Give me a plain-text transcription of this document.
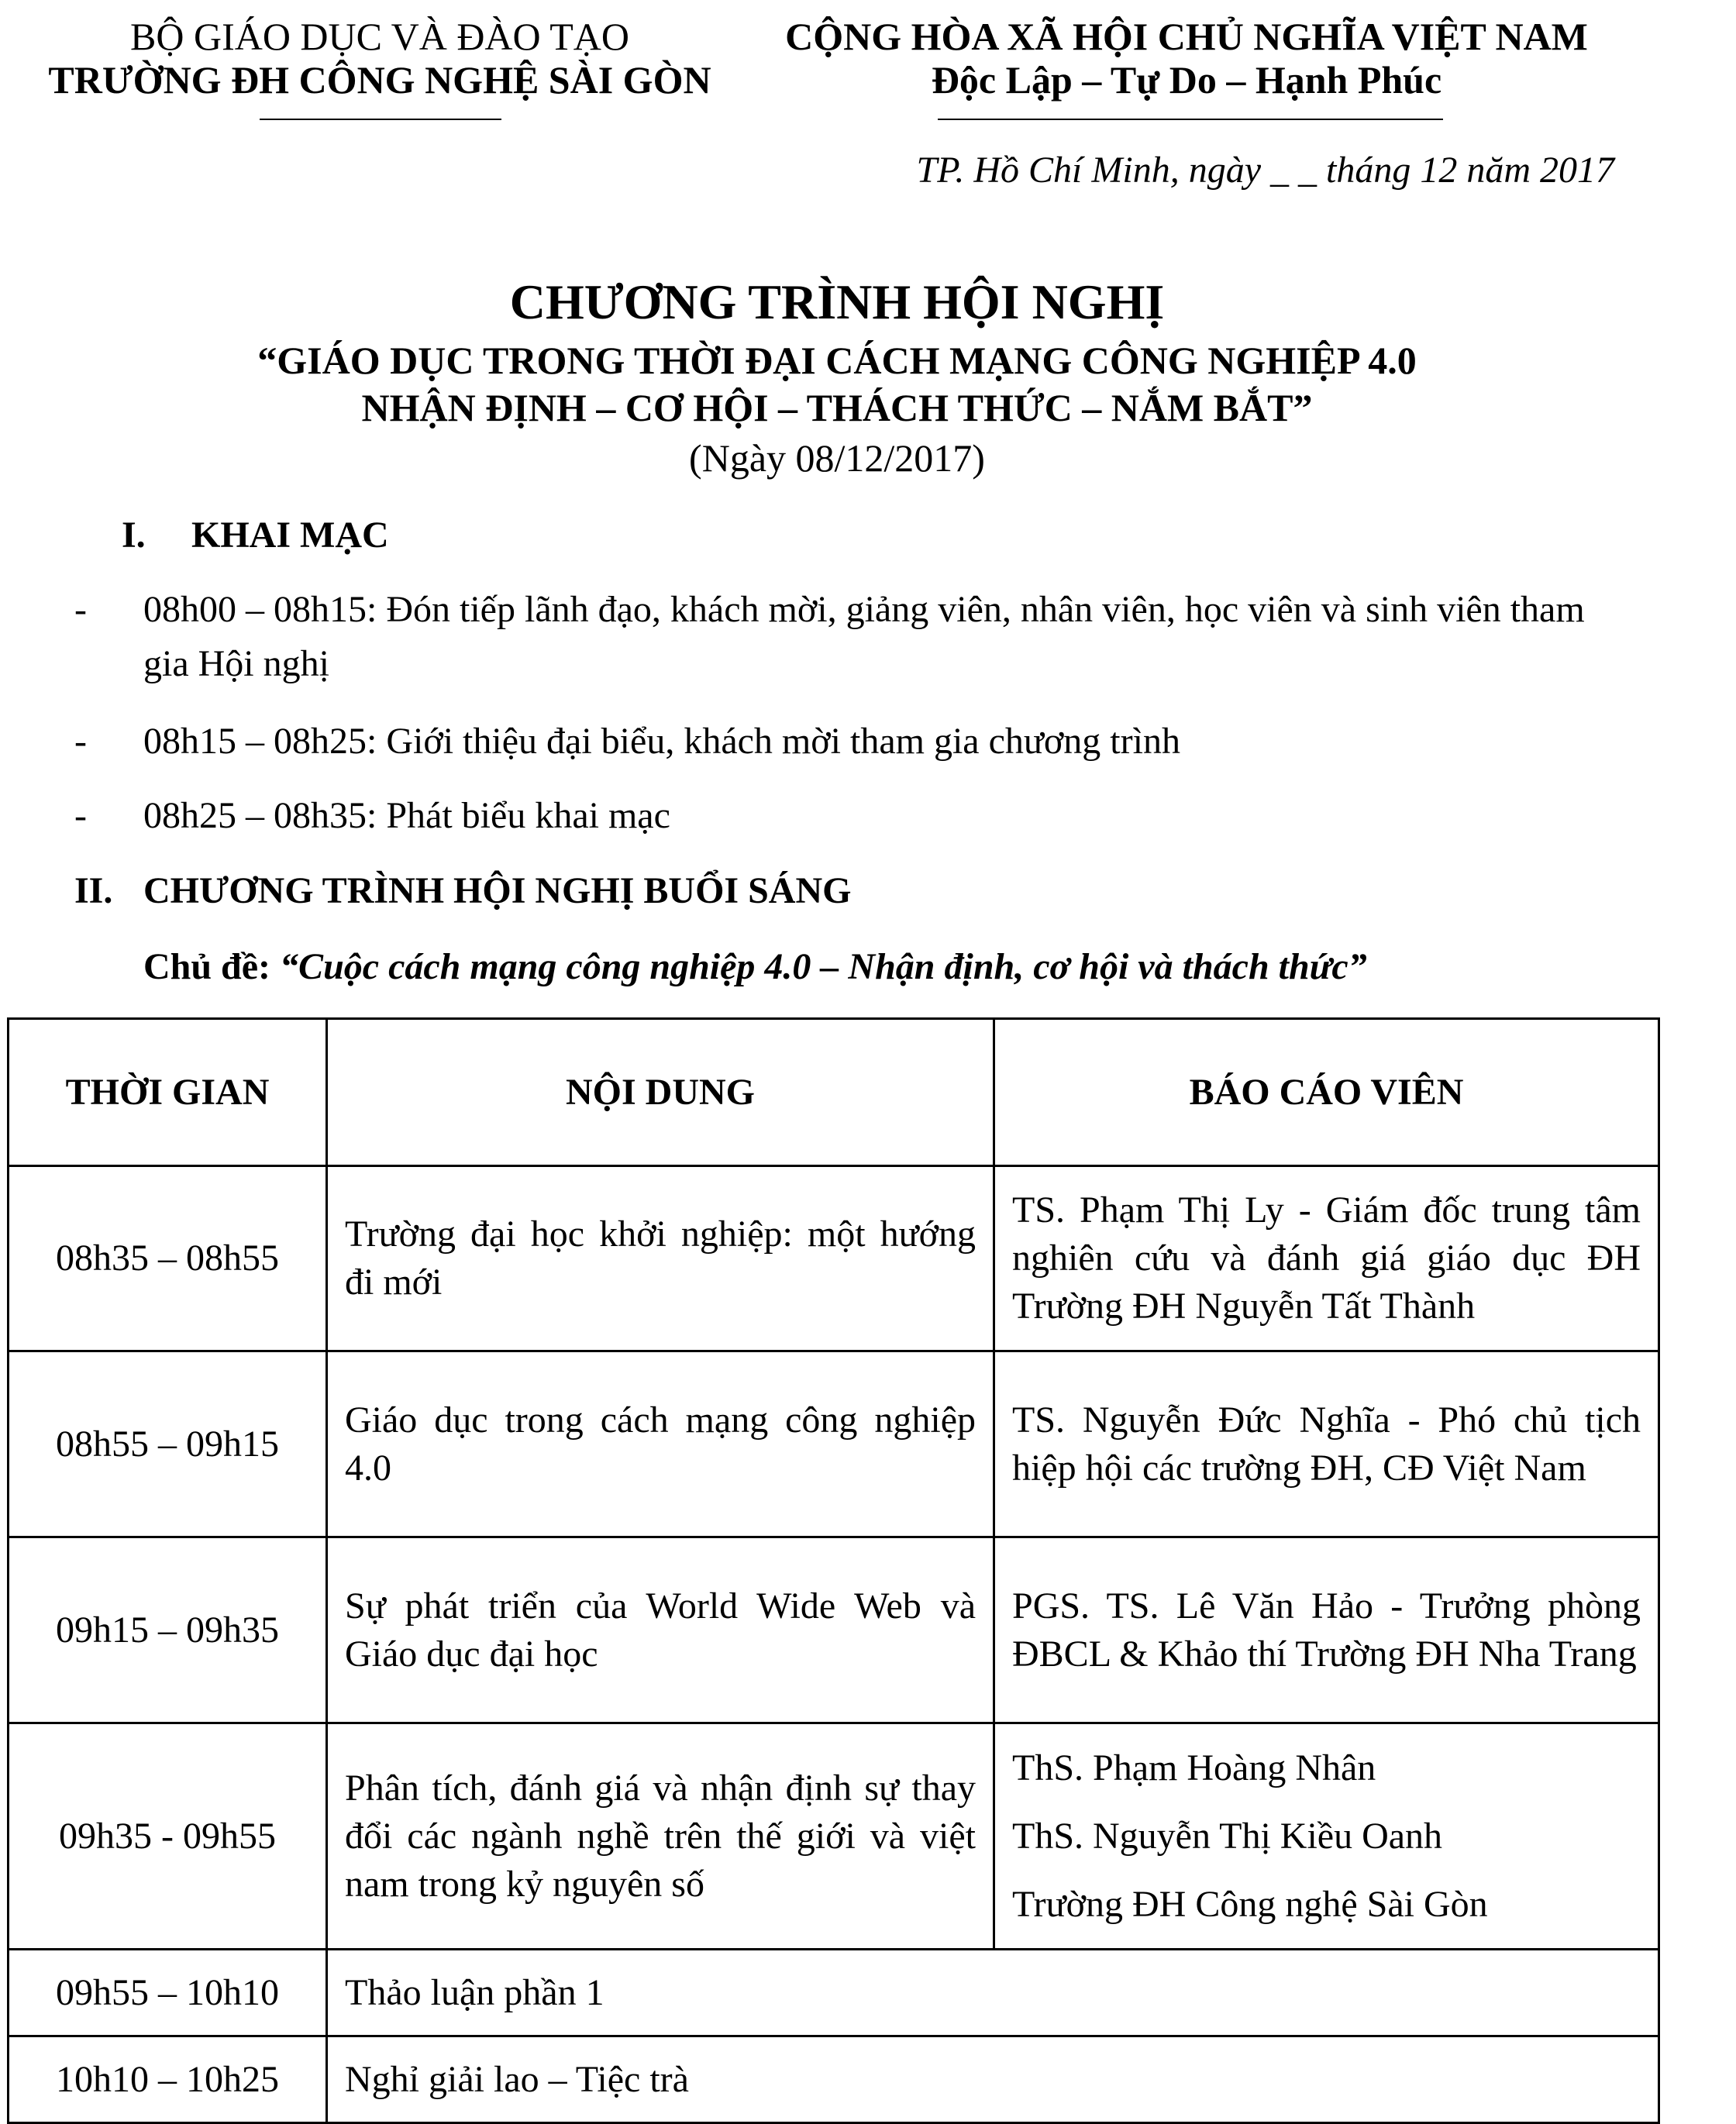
BỘ GIÁO DỤC VÀ ĐÀO TẠO
TRƯỜNG ĐH CÔNG NGHỆ SÀI GÒN
CỘNG HÒA XÃ HỘI CHỦ NGHĨA VIỆT NAM
Độc Lập – Tự Do – Hạnh Phúc
TP. Hồ Chí Minh, ngày _ _ tháng 12 năm 2017
CHƯƠNG TRÌNH HỘI NGHỊ
“GIÁO DỤC TRONG THỜI ĐẠI CÁCH MẠNG CÔNG NGHIỆP 4.0
NHẬN ĐỊNH – CƠ HỘI – THÁCH THỨC – NẮM BẮT”
(Ngày 08/12/2017)
I. KHAI MẠC
- 08h00 – 08h15: Đón tiếp lãnh đạo, khách mời, giảng viên, nhân viên, học viên và sinh viên tham gia Hội nghị
- 08h15 – 08h25: Giới thiệu đại biểu, khách mời tham gia chương trình
- 08h25 – 08h35: Phát biểu khai mạc
II. CHƯƠNG TRÌNH HỘI NGHỊ BUỔI SÁNG
Chủ đề: “Cuộc cách mạng công nghiệp 4.0 – Nhận định, cơ hội và thách thức”
THỜI GIAN	NỘI DUNG	BÁO CÁO VIÊN
08h35 – 08h55	Trường đại học khởi nghiệp: một hướng đi mới	TS. Phạm Thị Ly - Giám đốc trung tâm nghiên cứu và đánh giá giáo dục ĐH Trường ĐH Nguyễn Tất Thành
08h55 – 09h15	Giáo dục trong cách mạng công nghiệp 4.0	TS. Nguyễn Đức Nghĩa - Phó chủ tịch hiệp hội các trường ĐH, CĐ Việt Nam
09h15 – 09h35	Sự phát triển của World Wide Web và Giáo dục đại học	PGS. TS. Lê Văn Hảo - Trưởng phòng ĐBCL & Khảo thí Trường ĐH Nha Trang
09h35 - 09h55	Phân tích, đánh giá và nhận định sự thay đổi các ngành nghề trên thế giới và việt nam trong kỷ nguyên số	ThS. Phạm Hoàng Nhân

ThS. Nguyễn Thị Kiều Oanh

Trường ĐH Công nghệ Sài Gòn

09h55 – 10h10	Thảo luận phần 1	
10h10 – 10h25	Nghỉ giải lao – Tiệc trà	
